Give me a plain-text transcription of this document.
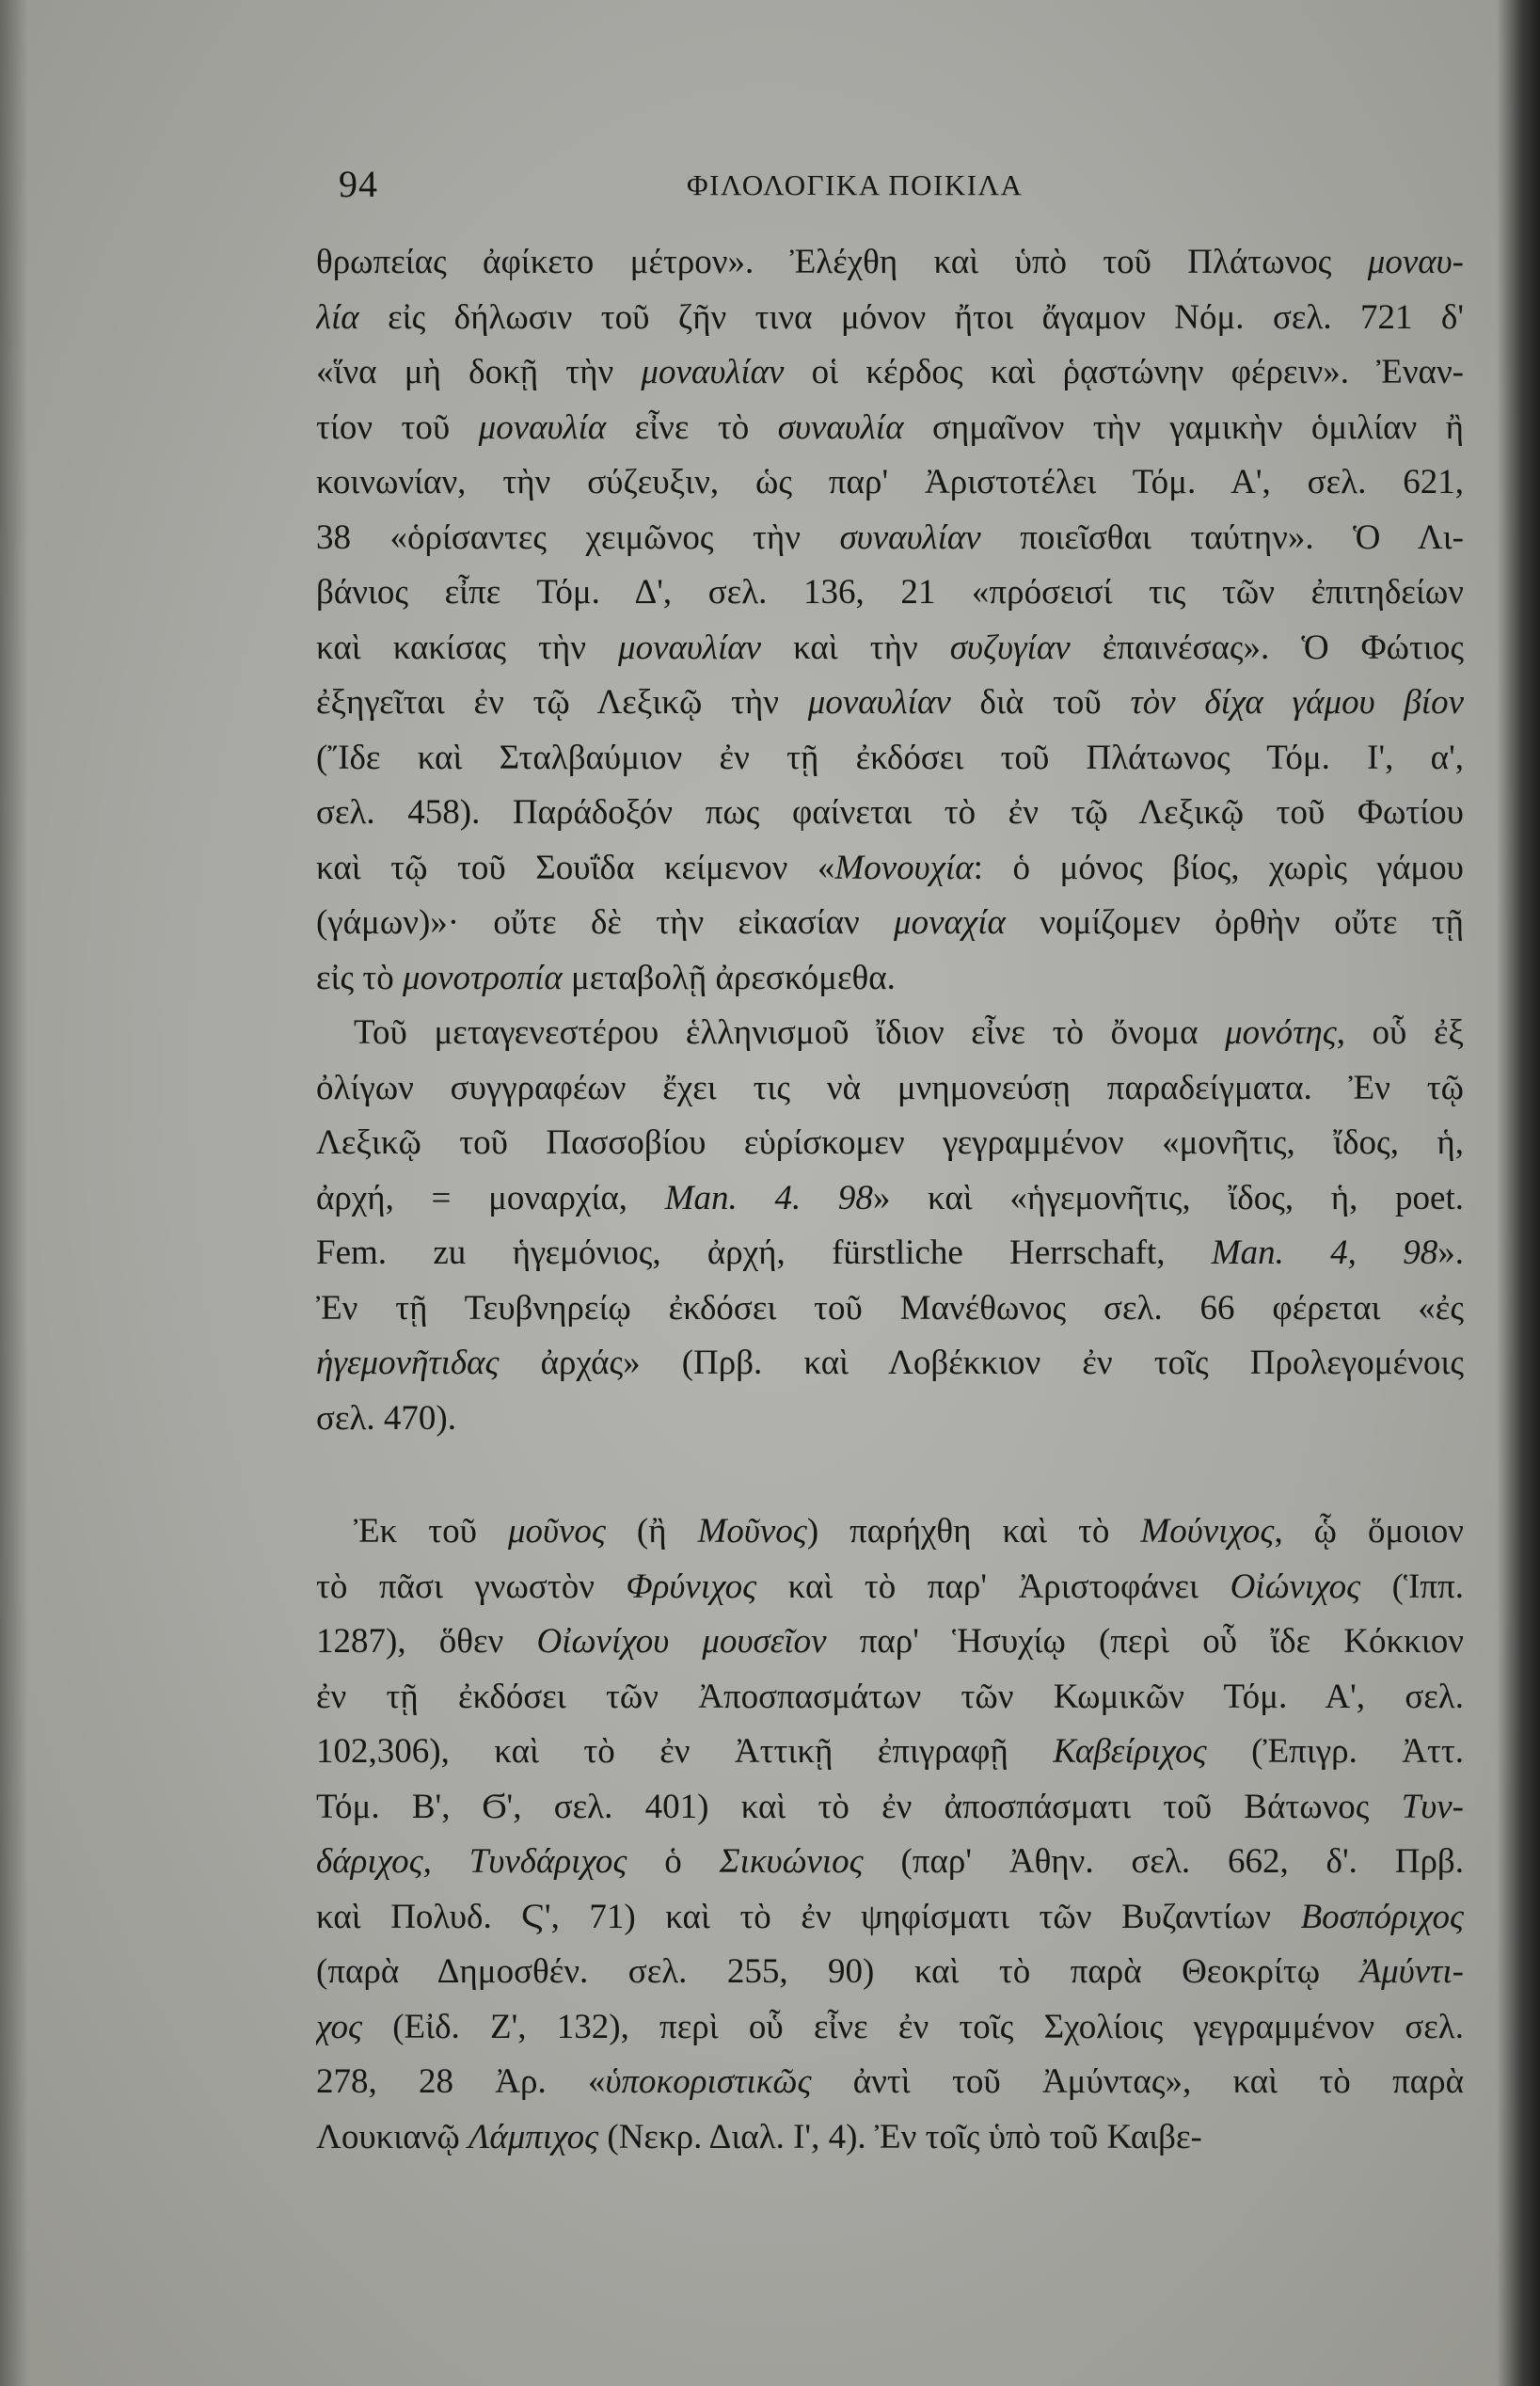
94	ΦΙΛΟΛΟΓΙΚΑ ΠΟΙΚΙΛΑ
θρωπείας ἀφίκετο μέτρον». Ἐλέχθη καὶ ὑπὸ τοῦ Πλάτωνος μοναυ-
λία εἰς δήλωσιν τοῦ ζῆν τινα μόνον ἤτοι ἄγαμον Νόμ. σελ. 721 δ'
«ἵνα μὴ δοκῇ τὴν μοναυλίαν οἱ κέρδος καὶ ῥᾳστώνην φέρειν». Ἐναν-
τίον τοῦ μοναυλία εἶνε τὸ συναυλία σημαῖνον τὴν γαμικὴν ὁμιλίαν ἢ
κοινωνίαν, τὴν σύζευξιν, ὡς παρ' Ἀριστοτέλει Τόμ. Α', σελ. 621,
38 «ὁρίσαντες χειμῶνος τὴν συναυλίαν ποιεῖσθαι ταύτην». Ὁ Λι-
βάνιος εἶπε Τόμ. Δ', σελ. 136, 21 «πρόσεισί τις τῶν ἐπιτηδείων
καὶ κακίσας τὴν μοναυλίαν καὶ τὴν συζυγίαν ἐπαινέσας». Ὁ Φώτιος
ἐξηγεῖται ἐν τῷ Λεξικῷ τὴν μοναυλίαν διὰ τοῦ τὸν δίχα γάμου βίον
(Ἴδε καὶ Σταλβαύμιον ἐν τῇ ἐκδόσει τοῦ Πλάτωνος Τόμ. Ι', α',
σελ. 458). Παράδοξόν πως φαίνεται τὸ ἐν τῷ Λεξικῷ τοῦ Φωτίου
καὶ τῷ τοῦ Σουΐδα κείμενον «Μονουχία: ὁ μόνος βίος, χωρὶς γάμου
(γάμων)»· οὔτε δὲ τὴν εἰκασίαν μοναχία νομίζομεν ὀρθὴν οὔτε τῇ
εἰς τὸ μονοτροπία μεταβολῇ ἀρεσκόμεθα.
Τοῦ μεταγενεστέρου ἑλληνισμοῦ ἴδιον εἶνε τὸ ὄνομα μονότης, οὗ ἐξ
ὀλίγων συγγραφέων ἔχει τις νὰ μνημονεύσῃ παραδείγματα. Ἐν τῷ
Λεξικῷ τοῦ Πασσοβίου εὑρίσκομεν γεγραμμένον «μονῆτις, ἴδος, ἡ,
ἀρχή, = μοναρχία, Man. 4. 98» καὶ «ἡγεμονῆτις, ἴδος, ἡ, poet.
Fem. zu ἡγεμόνιος, ἀρχή, fürstliche Herrschaft, Man. 4, 98».
Ἐν τῇ Τευβνηρείῳ ἐκδόσει τοῦ Μανέθωνος σελ. 66 φέρεται «ἐς
ἡγεμονῆτιδας ἀρχάς» (Πρβ. καὶ Λοβέκκιον ἐν τοῖς Προλεγομένοις
σελ. 470).
Ἐκ τοῦ μοῦνος (ἢ Μοῦνος) παρήχθη καὶ τὸ Μούνιχος, ᾧ ὅμοιον
τὸ πᾶσι γνωστὸν Φρύνιχος καὶ τὸ παρ' Ἀριστοφάνει Οἰώνιχος (Ἱππ.
1287), ὅθεν Οἰωνίχου μουσεῖον παρ' Ἡσυχίῳ (περὶ οὗ ἴδε Κόκκιον
ἐν τῇ ἐκδόσει τῶν Ἀποσπασμάτων τῶν Κωμικῶν Τόμ. Α', σελ.
102,306), καὶ τὸ ἐν Ἀττικῇ ἐπιγραφῇ Καβείριχος (Ἐπιγρ. Ἀττ.
Τόμ. Β', Ϭ', σελ. 401) καὶ τὸ ἐν ἀποσπάσματι τοῦ Βάτωνος Τυν-
δάριχος, Τυνδάριχος ὁ Σικυώνιος (παρ' Ἀθην. σελ. 662, δ'. Πρβ.
καὶ Πολυδ. Ϛ', 71) καὶ τὸ ἐν ψηφίσματι τῶν Βυζαντίων Βοσπόριχος
(παρὰ Δημοσθέν. σελ. 255, 90) καὶ τὸ παρὰ Θεοκρίτῳ Ἀμύντι-
χος (Εἰδ. Ζ', 132), περὶ οὗ εἶνε ἐν τοῖς Σχολίοις γεγραμμένον σελ.
278, 28 Ἀρ. «ὑποκοριστικῶς ἀντὶ τοῦ Ἀμύντας», καὶ τὸ παρὰ
Λουκιανῷ Λάμπιχος (Νεκρ. Διαλ. Ι', 4). Ἐν τοῖς ὑπὸ τοῦ Καιβε-
